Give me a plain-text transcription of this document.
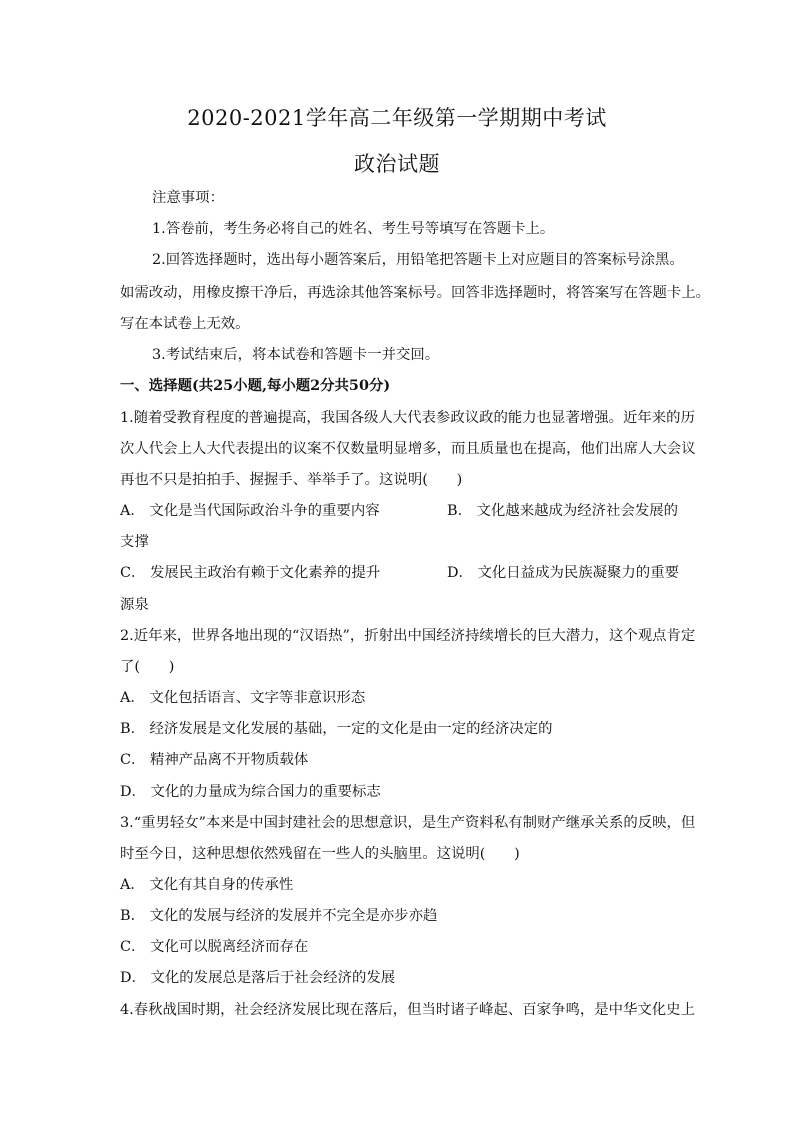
2020-2021学年高二年级第一学期期中考试
政治试题
注意事项：
1.答卷前，考生务必将自己的姓名、考生号等填写在答题卡上。
2.回答选择题时，选出每小题答案后，用铅笔把答题卡上对应题目的答案标号涂黑。
如需改动，用橡皮擦干净后，再选涂其他答案标号。回答非选择题时，将答案写在答题卡上。
写在本试卷上无效。
3.考试结束后，将本试卷和答题卡一并交回。
一、选择题(共25小题,每小题2分共50分)
1.随着受教育程度的普遍提高，我国各级人大代表参政议政的能力也显著增强。近年来的历
次人代会上人大代表提出的议案不仅数量明显增多，而且质量也在提高，他们出席人大会议
再也不只是拍拍手、握握手、举举手了。这说明(　　)
A． 文化是当代国际政治斗争的重要内容	B． 文化越来越成为经济社会发展的
支撑
C． 发展民主政治有赖于文化素养的提升	D． 文化日益成为民族凝聚力的重要
源泉
2.近年来，世界各地出现的“汉语热”，折射出中国经济持续增长的巨大潜力，这个观点肯定
了(　　)
A． 文化包括语言、文字等非意识形态
B． 经济发展是文化发展的基础，一定的文化是由一定的经济决定的
C． 精神产品离不开物质载体
D． 文化的力量成为综合国力的重要标志
3.“重男轻女”本来是中国封建社会的思想意识，是生产资料私有制财产继承关系的反映，但
时至今日，这种思想依然残留在一些人的头脑里。这说明(　　)
A． 文化有其自身的传承性
B． 文化的发展与经济的发展并不完全是亦步亦趋
C． 文化可以脱离经济而存在
D． 文化的发展总是落后于社会经济的发展
4.春秋战国时期，社会经济发展比现在落后，但当时诸子峰起、百家争鸣，是中华文化史上
